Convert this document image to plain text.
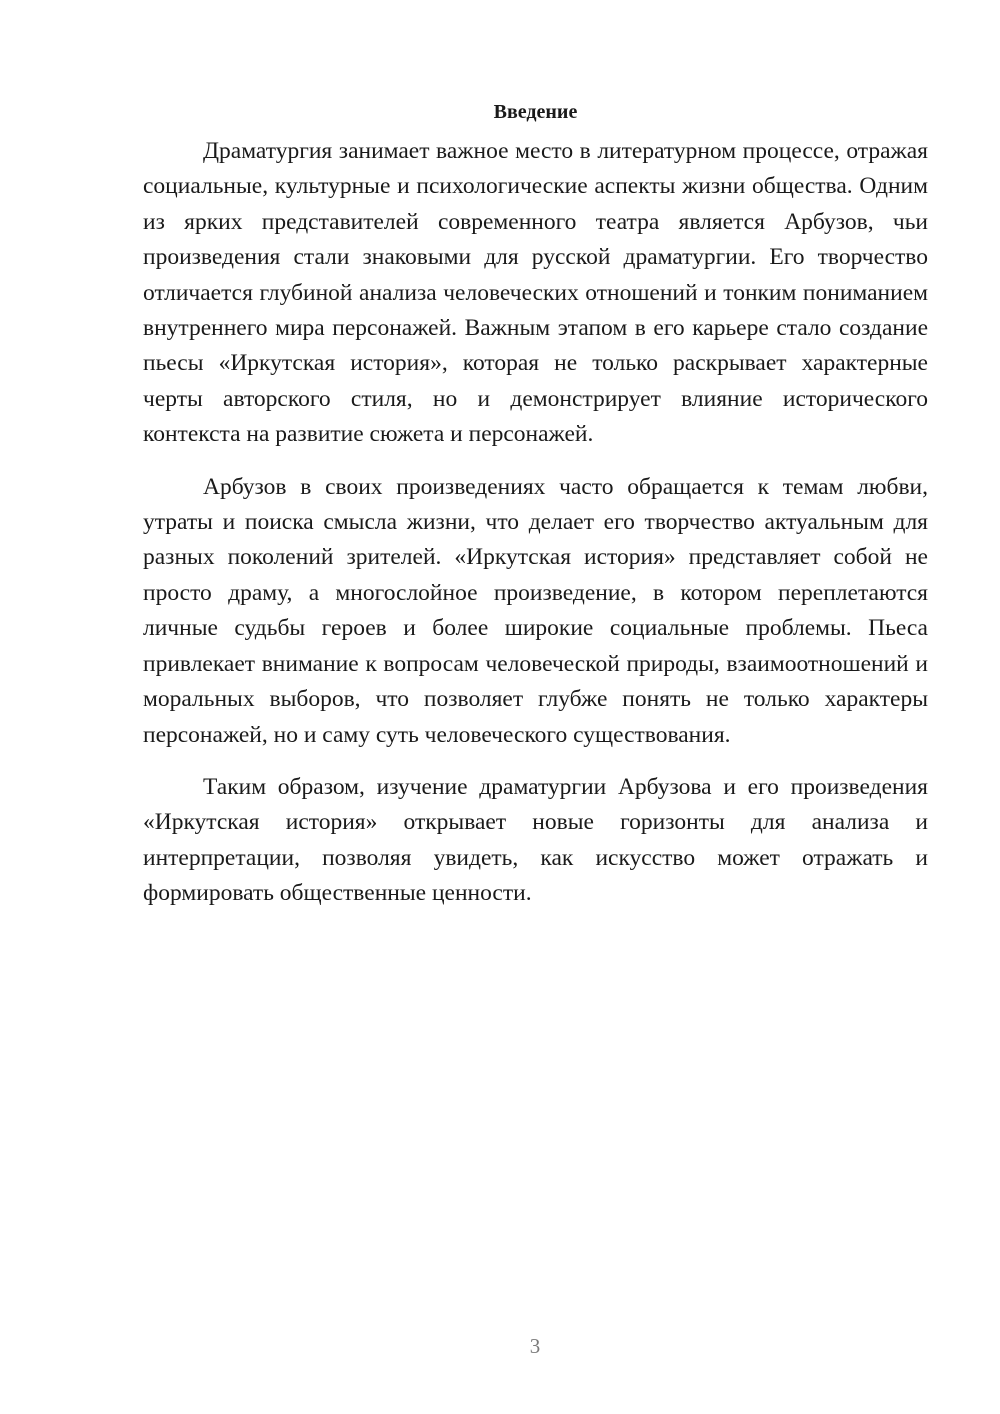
Введение

Драматургия занимает важное место в литературном процессе, отражая социальные, культурные и психологические аспекты жизни общества. Одним из ярких представителей современного театра является Арбузов, чьи произведения стали знаковыми для русской драматургии. Его творчество отличается глубиной анализа человеческих отношений и тонким пониманием внутреннего мира персонажей. Важным этапом в его карьере стало создание пьесы «Иркутская история», которая не только раскрывает характерные черты авторского стиля, но и демонстрирует влияние исторического контекста на развитие сюжета и персонажей.

Арбузов в своих произведениях часто обращается к темам любви, утраты и поиска смысла жизни, что делает его творчество актуальным для разных поколений зрителей. «Иркутская история» представляет собой не просто драму, а многослойное произведение, в котором переплетаются личные судьбы героев и более широкие социальные проблемы. Пьеса привлекает внимание к вопросам человеческой природы, взаимоотношений и моральных выборов, что позволяет глубже понять не только характеры персонажей, но и саму суть человеческого существования.

Таким образом, изучение драматургии Арбузова и его произведения «Иркутская история» открывает новые горизонты для анализа и интерпретации, позволяя увидеть, как искусство может отражать и формировать общественные ценности.

3
